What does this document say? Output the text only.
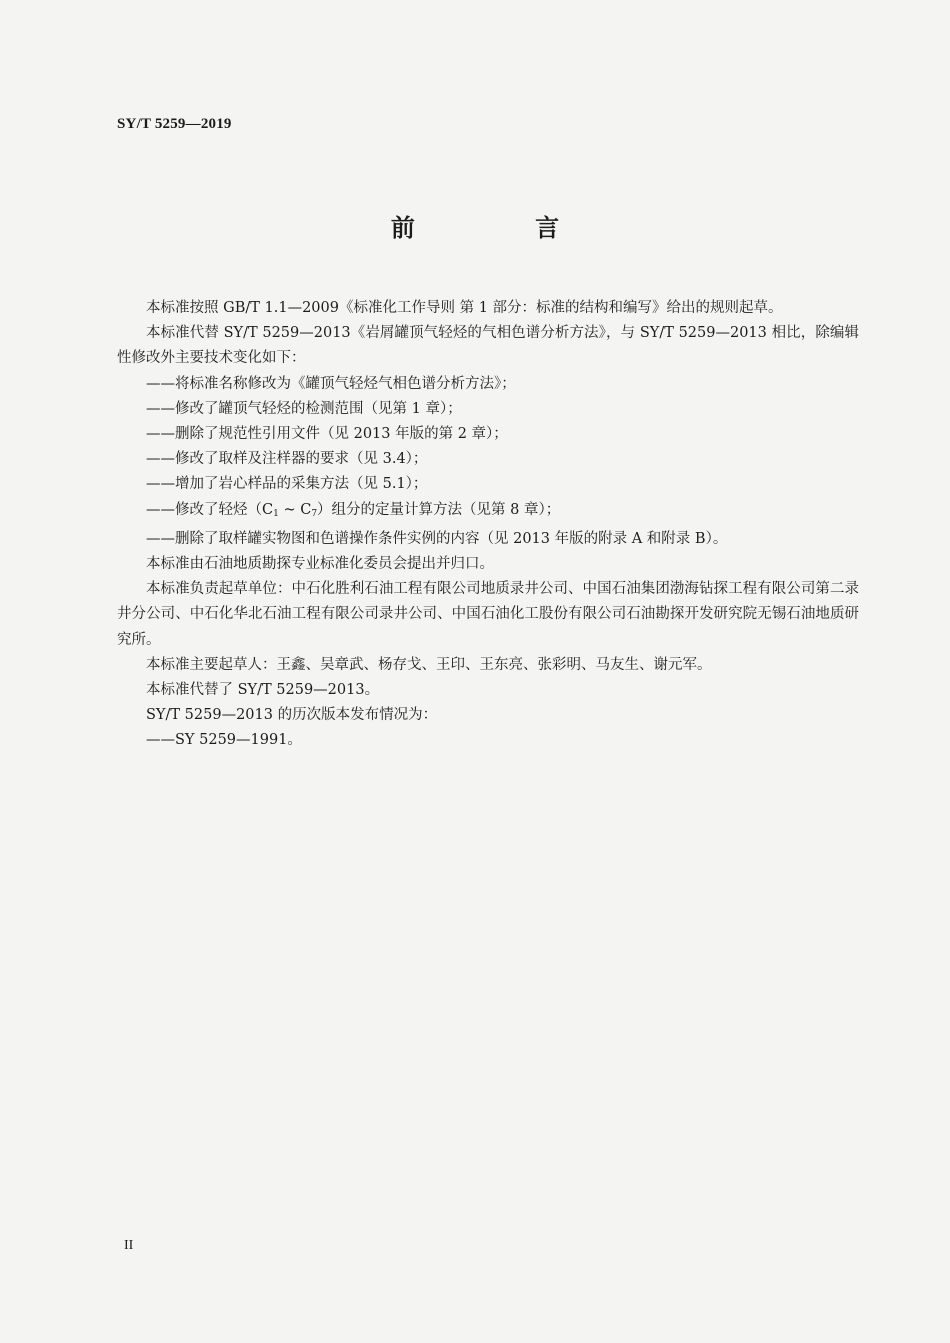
SY/T 5259—2019
前 言

本标准按照 GB/T 1.1—2009《标准化工作导则 第 1 部分：标准的结构和编写》给出的规则起草。

本标准代替 SY/T 5259—2013《岩屑罐顶气轻烃的气相色谱分析方法》，与 SY/T 5259—2013 相比，除编辑性修改外主要技术变化如下：

——将标准名称修改为《罐顶气轻烃气相色谱分析方法》；

——修改了罐顶气轻烃的检测范围（见第 1 章）；

——删除了规范性引用文件（见 2013 年版的第 2 章）；

——修改了取样及注样器的要求（见 3.4）；

——增加了岩心样品的采集方法（见 5.1）；

——修改了轻烃（$C_1$ ~ $C_7$）组分的定量计算方法（见第 8 章）；

——删除了取样罐实物图和色谱操作条件实例的内容（见 2013 年版的附录 A 和附录 B）。

本标准由石油地质勘探专业标准化委员会提出并归口。

本标准负责起草单位：中石化胜利石油工程有限公司地质录井公司、中国石油集团渤海钻探工程有限公司第二录井分公司、中石化华北石油工程有限公司录井公司、中国石油化工股份有限公司石油勘探开发研究院无锡石油地质研究所。

本标准主要起草人：王鑫、吴章武、杨存戈、王印、王东亮、张彩明、马友生、谢元军。

本标准代替了 SY/T 5259—2013。

SY/T 5259—2013 的历次版本发布情况为：

——SY 5259—1991。

II
